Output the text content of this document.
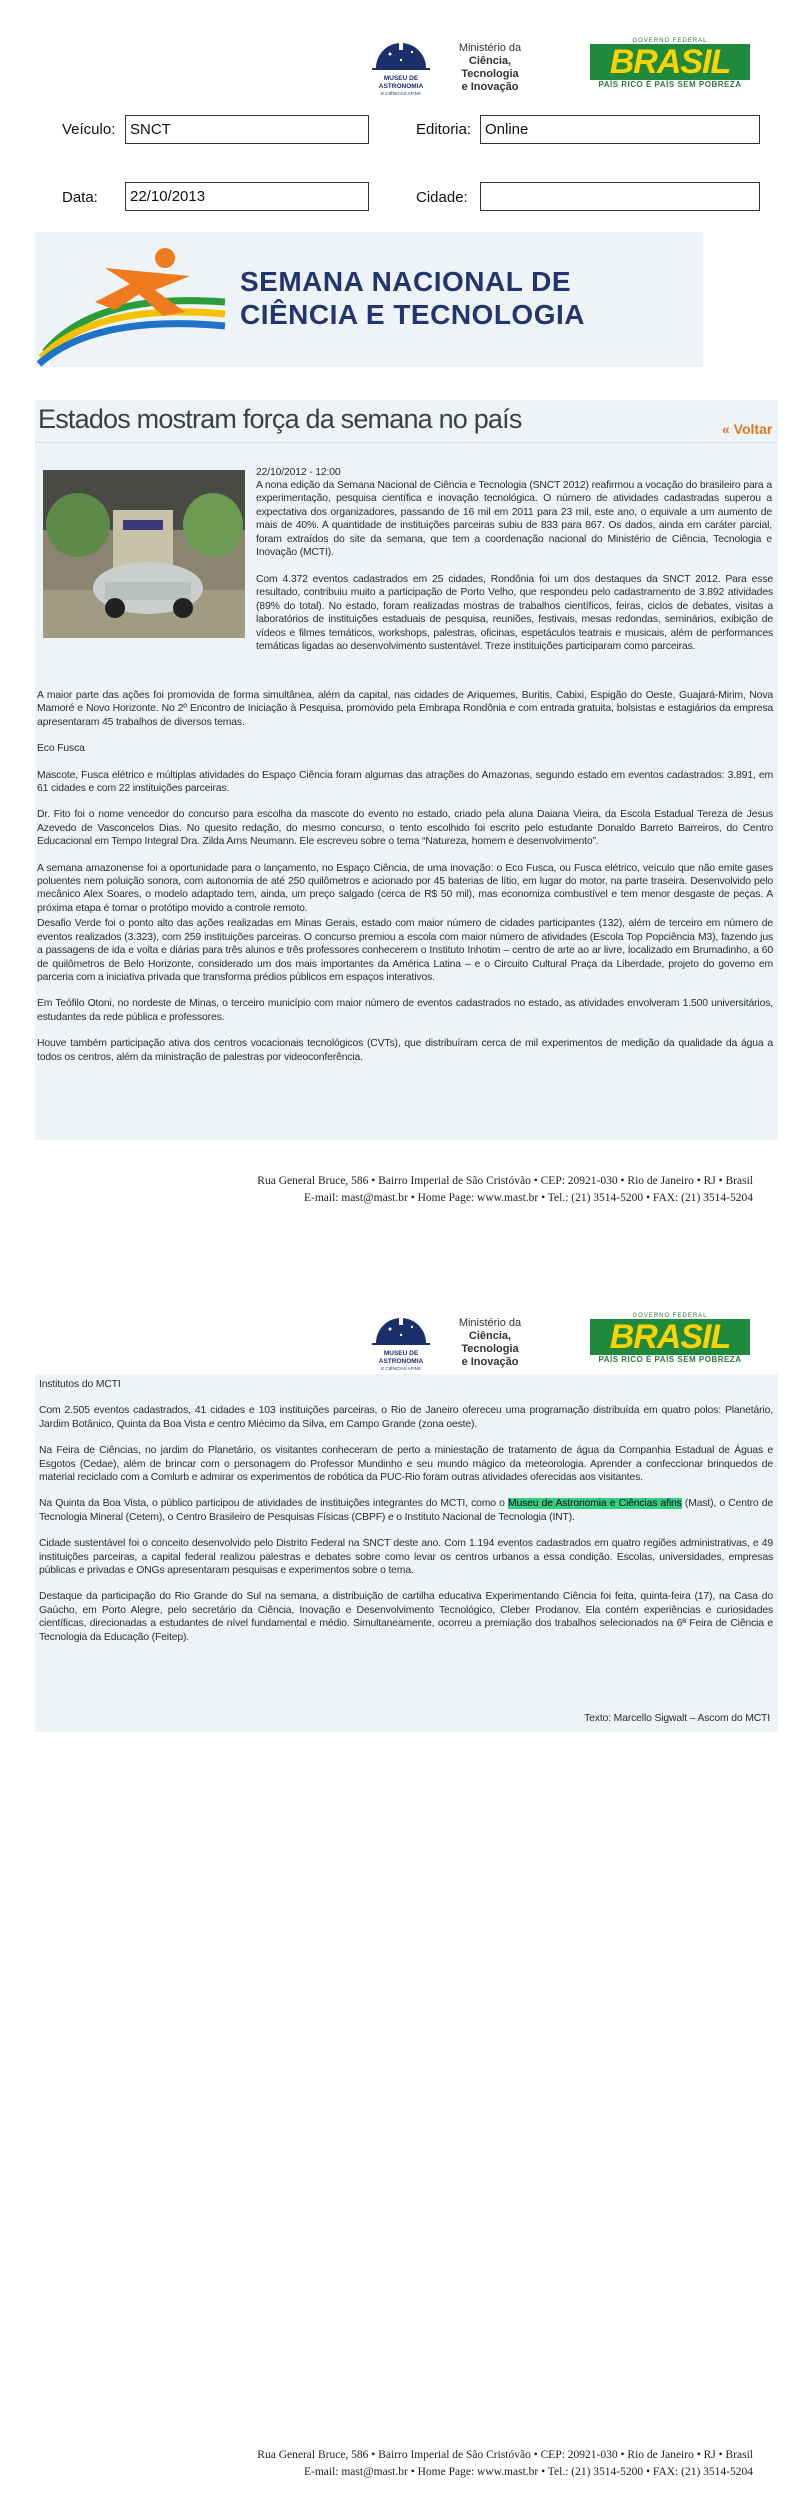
MUSEU DE ASTRONOMIA
E CIÊNCIAS AFINS
Ministério da
Ciência, Tecnologia
e Inovação
GOVERNO FEDERAL
BRASIL
PAÍS RICO É PAÍS SEM POBREZA
Veículo: SNCT	Editoria: Online
Data:	22/10/2013	Cidade:
SEMANA NACIONAL DE
CIÊNCIA E TECNOLOGIA
Estados mostram força da semana no país	« Voltar
22/10/2012 - 12:00
A nona edição da Semana Nacional de Ciência e Tecnologia (SNCT 2012) reafirmou a vocação do brasileiro para a experimentação, pesquisa científica e inovação tecnológica. O número de atividades cadastradas superou a expectativa dos organizadores, passando de 16 mil em 2011 para 23 mil, este ano, o equivale a um aumento de mais de 40%. A quantidade de instituições parceiras subiu de 833 para 867. Os dados, ainda em caráter parcial, foram extraídos do site da semana, que tem a coordenação nacional do Ministério de Ciência, Tecnologia e Inovação (MCTI).
Com 4.372 eventos cadastrados em 25 cidades, Rondônia foi um dos destaques da SNCT 2012. Para esse resultado, contribuiu muito a participação de Porto Velho, que respondeu pelo cadastramento de 3.892 atividades (89% do total). No estado, foram realizadas mostras de trabalhos científicos, feiras, ciclos de debates, visitas a laboratórios de instituições estaduais de pesquisa, reuniões, festivais, mesas redondas, seminários, exibição de vídeos e filmes temáticos, workshops, palestras, oficinas, espetáculos teatrais e musicais, além de performances temáticas ligadas ao desenvolvimento sustentável. Treze instituições participaram como parceiras.

A maior parte das ações foi promovida de forma simultânea, além da capital, nas cidades de Ariquemes, Buritis, Cabixi, Espigão do Oeste, Guajará-Mirim, Nova Mamoré e Novo Horizonte. No 2º Encontro de Iniciação à Pesquisa, promovido pela Embrapa Rondônia e com entrada gratuita, bolsistas e estagiários da empresa apresentaram 45 trabalhos de diversos temas.

Eco Fusca

Mascote, Fusca elétrico e múltiplas atividades do Espaço Ciência foram algumas das atrações do Amazonas, segundo estado em eventos cadastrados: 3.891, em 61 cidades e com 22 instituições parceiras.

Dr. Fito foi o nome vencedor do concurso para escolha da mascote do evento no estado, criado pela aluna Daiana Vieira, da Escola Estadual Tereza de Jesus Azevedo de Vasconcelos Dias. No quesito redação, do mesmo concurso, o tento escolhido foi escrito pelo estudante Donaldo Barreto Barreiros, do Centro Educacional em Tempo Integral Dra. Zilda Arns Neumann. Ele escreveu sobre o tema “Natureza, homem e desenvolvimento”.

A semana amazonense foi a oportunidade para o lançamento, no Espaço Ciência, de uma inovação: o Eco Fusca, ou Fusca elétrico, veículo que não emite gases poluentes nem poluição sonora, com autonomia de até 250 quilômetros e acionado por 45 baterias de lítio, em lugar do motor, na parte traseira. Desenvolvido pelo mecânico Alex Soares, o modelo adaptado tem, ainda, um preço salgado (cerca de R$ 50 mil), mas economiza combustível e tem menor desgaste de peças. A próxima etapa é tornar o protótipo movido a controle remoto.

Desafio Verde foi o ponto alto das ações realizadas em Minas Gerais, estado com maior número de cidades participantes (132), além de terceiro em número de eventos realizados (3.323), com 259 instituições parceiras. O concurso premiou a escola com maior número de atividades (Escola Top Popciência M3), fazendo jus a passagens de ida e volta e diárias para três alunos e três professores conhecerem o Instituto Inhotim – centro de arte ao ar livre, localizado em Brumadinho, a 60 de quilômetros de Belo Horizonte, considerado um dos mais importantes da América Latina – e o Circuito Cultural Praça da Liberdade, projeto do governo em parceria com a iniciativa privada que transforma prédios públicos em espaços interativos.

Em Teófilo Otoni, no nordeste de Minas, o terceiro município com maior número de eventos cadastrados no estado, as atividades envolveram 1.500 universitários, estudantes da rede pública e professores.

Houve também participação ativa dos centros vocacionais tecnológicos (CVTs), que distribuíram cerca de mil experimentos de medição da qualidade da água a todos os centros, além da ministração de palestras por videoconferência.

Rua General Bruce, 586 • Bairro Imperial de São Cristóvão • CEP: 20921-030 • Rio de Janeiro • RJ • Brasil
E-mail: mast@mast.br • Home Page: www.mast.br • Tel.: (21) 3514-5200 • FAX: (21) 3514-5204
MUSEU DE ASTRONOMIA
E CIÊNCIAS AFINS
Ministério da
Ciência, Tecnologia
e Inovação
GOVERNO FEDERAL
BRASIL
PAÍS RICO É PAÍS SEM POBREZA

Institutos do MCTI

Com 2.505 eventos cadastrados, 41 cidades e 103 instituições parceiras, o Rio de Janeiro ofereceu uma programação distribuída em quatro polos: Planetário, Jardim Botânico, Quinta da Boa Vista e centro Miécimo da Silva, em Campo Grande (zona oeste).

Na Feira de Ciências, no jardim do Planetário, os visitantes conheceram de perto a miniestação de tratamento de água da Companhia Estadual de Águas e Esgotos (Cedae), além de brincar com o personagem do Professor Mundinho e seu mundo mágico da meteorologia. Aprender a confeccionar brinquedos de material reciclado com a Comlurb e admirar os experimentos de robótica da PUC-Rio foram outras atividades oferecidas aos visitantes.

Na Quinta da Boa Vista, o público participou de atividades de instituições integrantes do MCTI, como o Museu de Astronomia e Ciências afins (Mast), o Centro de Tecnologia Mineral (Cetem), o Centro Brasileiro de Pesquisas Físicas (CBPF) e o Instituto Nacional de Tecnologia (INT).

Cidade sustentável foi o conceito desenvolvido pelo Distrito Federal na SNCT deste ano. Com 1.194 eventos cadastrados em quatro regiões administrativas, e 49 instituições parceiras, a capital federal realizou palestras e debates sobre como levar os centros urbanos a essa condição. Escolas, universidades, empresas públicas e privadas e ONGs apresentaram pesquisas e experimentos sobre o tema.

Destaque da participação do Rio Grande do Sul na semana, a distribuição de cartilha educativa Experimentando Ciência foi feita, quinta-feira (17), na Casa do Gaúcho, em Porto Alegre, pelo secretário da Ciência, Inovação e Desenvolvimento Tecnológico, Cleber Prodanov. Ela contém experiências e curiosidades científicas, direcionadas a estudantes de nível fundamental e médio. Simultaneamente, ocorreu a premiação dos trabalhos selecionados na 6ª Feira de Ciência e Tecnologia da Educação (Feitep).

Texto: Marcello Sigwalt – Ascom do MCTI
Rua General Bruce, 586 • Bairro Imperial de São Cristóvão • CEP: 20921-030 • Rio de Janeiro • RJ • Brasil
E-mail: mast@mast.br • Home Page: www.mast.br • Tel.: (21) 3514-5200 • FAX: (21) 3514-5204
